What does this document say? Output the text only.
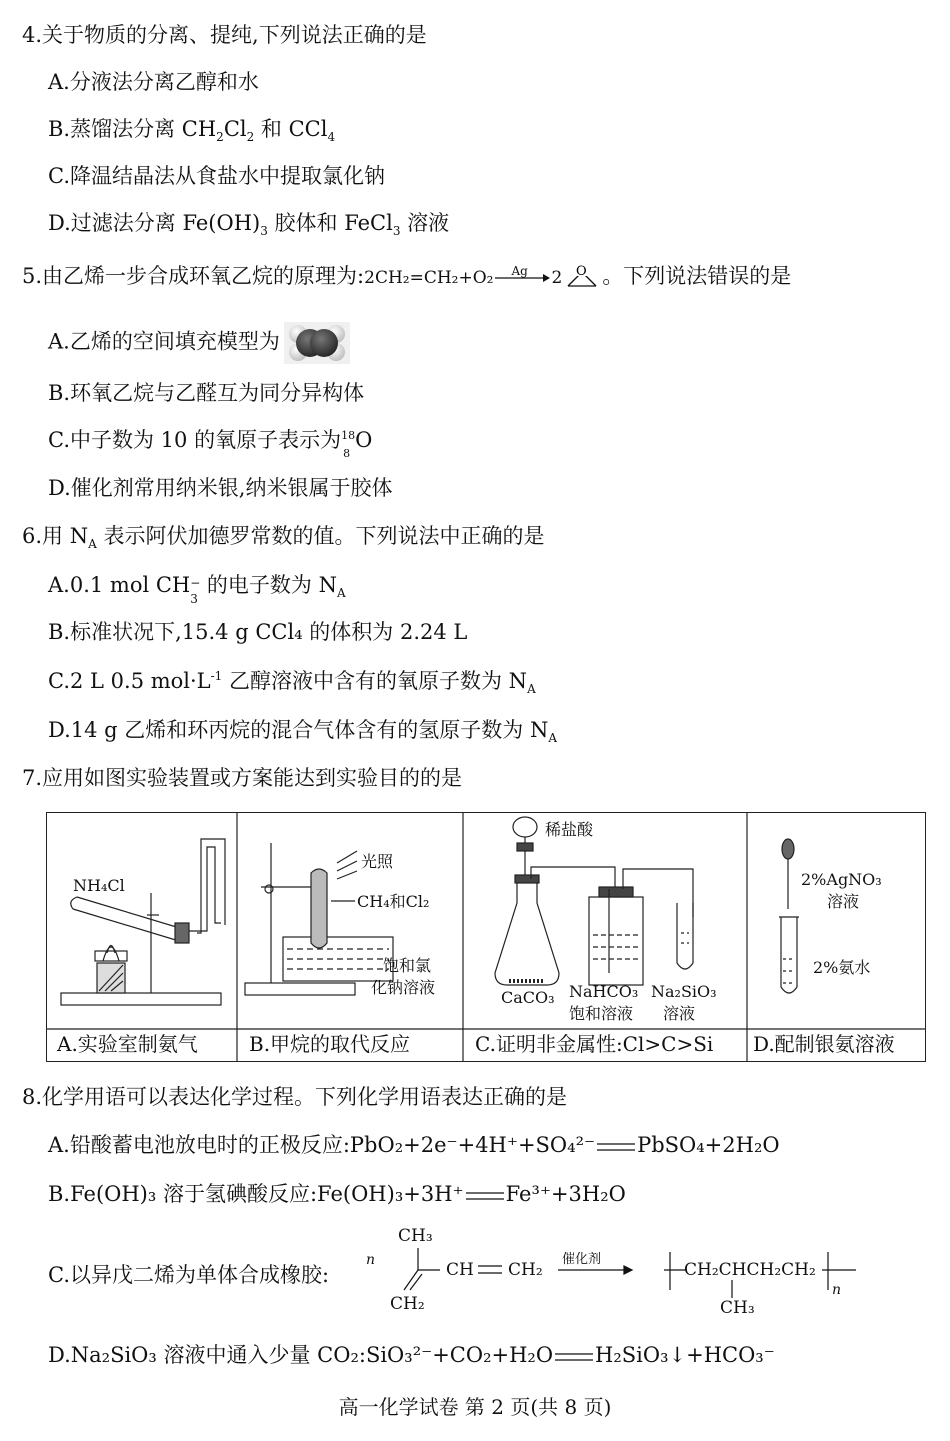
4.关于物质的分离、提纯,下列说法正确的是
A.分液法分离乙醇和水
B.蒸馏法分离 $CH_2Cl_2$ 和 CCl$_4$
C.降温结晶法从食盐水中提取氯化钠
D.过滤法分离 $Fe(OH)_3$ 胶体和 FeCl$_3$ 溶液
5.由乙烯一步合成环氧乙烷的原理为:2CH₂=CH₂+O₂ Ag 2 O 。下列说法错误的是
A.乙烯的空间填充模型为
B.环氧乙烷与乙醛互为同分异构体
C.中子数为 10 的氧原子表示为 18
8
O
D.催化剂常用纳米银,纳米银属于胶体
6.用 $N_A$ 表示阿伏加德罗常数的值。下列说法中正确的是
A.0.1 mol CH −
3
的电子数为 $N_A$
B.标准状况下,15.4 g CCl₄ 的体积为 2.24 L
C.2 L 0.5 $mol\cdot L^{-1}$ 乙醇溶液中含有的氧原子数为 $N_A$
D.14 g 乙烯和环丙烷的混合气体含有的氢原子数为 $N_A$
7.应用如图实验装置或方案能达到实验目的的是
NH₄Cl
A.实验室制氨气
光照
CH₄和Cl₂
饱和氯
化钠溶液
B.甲烷的取代反应
稀盐酸
CaCO₃ NaHCO₃
饱和溶液
Na₂SiO₃
溶液
C.证明非金属性:Cl>C>Si
2%AgNO₃
溶液
2%氨水
D.配制银氨溶液
8.化学用语可以表达化学过程。下列化学用语表达正确的是
A.铅酸蓄电池放电时的正极反应:PbO₂+2e⁻+4H⁺+SO₄²⁻ PbSO₄+2H₂O
B.Fe(OH)₃ 溶于氢碘酸反应:Fe(OH)₃+3H⁺ Fe³⁺+3H₂O
C.以异戊二烯为单体合成橡胶:
n
CH₃
CH CH₂
CH₂
催化剂
CH₂CHCH₂CH₂
CH₃
n
D.Na₂SiO₃ 溶液中通入少量 CO₂:SiO₃²⁻+CO₂+H₂O H₂SiO₃↓+HCO₃⁻
高一化学试卷 第 2 页(共 8 页)
